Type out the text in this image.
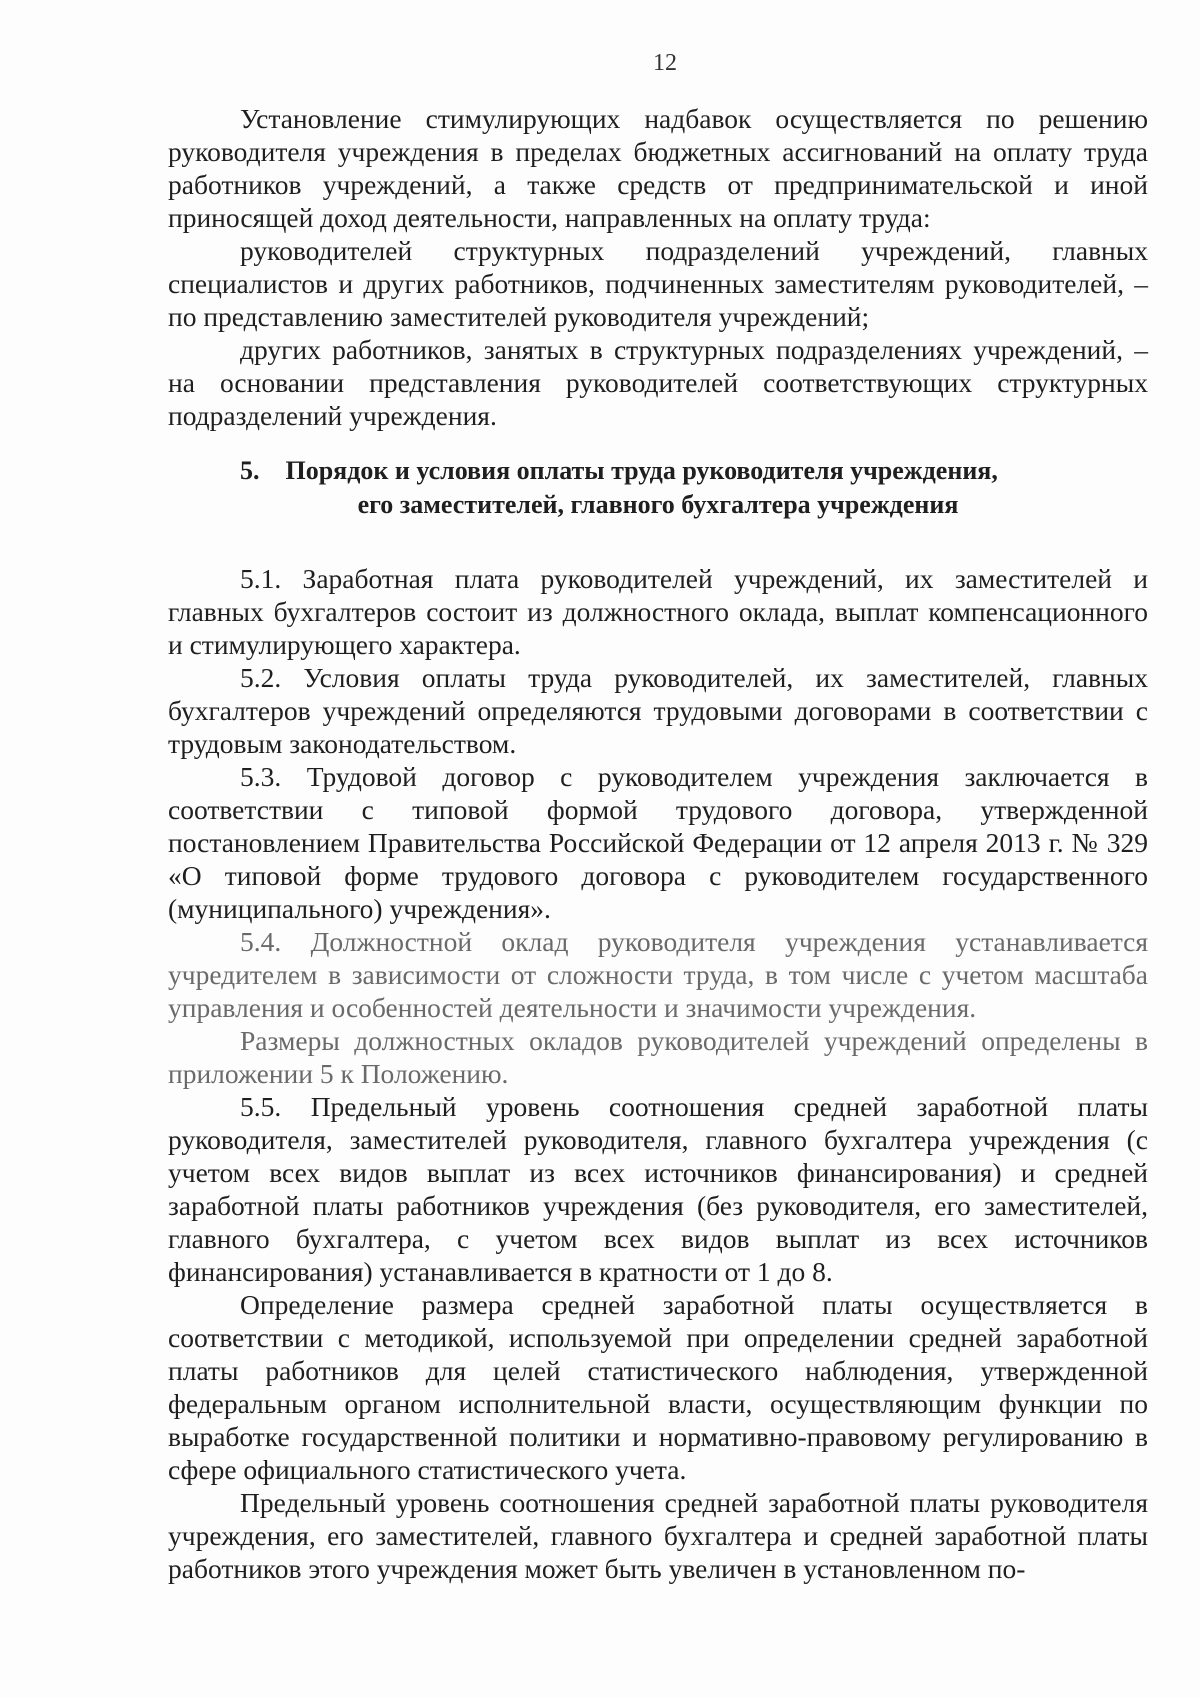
12

Установление стимулирующих надбавок осуществляется по решению руководителя учреждения в пределах бюджетных ассигнований на оплату труда работников учреждений, а также средств от предпринимательской и иной приносящей доход деятельности, направленных на оплату труда:

руководителей структурных подразделений учреждений, главных специалистов и других работников, подчиненных заместителям руководителей, – по представлению заместителей руководителя учреждений;

других работников, занятых в структурных подразделениях учреждений, – на основании представления руководителей соответствующих структурных подразделений учреждения.

5. Порядок и условия оплаты труда руководителя учреждения,
его заместителей, главного бухгалтера учреждения

5.1. Заработная плата руководителей учреждений, их заместителей и главных бухгалтеров состоит из должностного оклада, выплат компенсационного и стимулирующего характера.

5.2. Условия оплаты труда руководителей, их заместителей, главных бухгалтеров учреждений определяются трудовыми договорами в соответствии с трудовым законодательством.

5.3. Трудовой договор с руководителем учреждения заключается в соответствии с типовой формой трудового договора, утвержденной постановлением Правительства Российской Федерации от 12 апреля 2013 г. № 329 «О типовой форме трудового договора с руководителем государственного (муниципального) учреждения».

5.4. Должностной оклад руководителя учреждения устанавливается учредителем в зависимости от сложности труда, в том числе с учетом масштаба управления и особенностей деятельности и значимости учреждения.

Размеры должностных окладов руководителей учреждений определены в приложении 5 к Положению.

5.5. Предельный уровень соотношения средней заработной платы руководителя, заместителей руководителя, главного бухгалтера учреждения (с учетом всех видов выплат из всех источников финансирования) и средней заработной платы работников учреждения (без руководителя, его заместителей, главного бухгалтера, с учетом всех видов выплат из всех источников финансирования) устанавливается в кратности от 1 до 8.

Определение размера средней заработной платы осуществляется в соответствии с методикой, используемой при определении средней заработной платы работников для целей статистического наблюдения, утвержденной федеральным органом исполнительной власти, осуществляющим функции по выработке государственной политики и нормативно-правовому регулированию в сфере официального статистического учета.

Предельный уровень соотношения средней заработной платы руководителя учреждения, его заместителей, главного бухгалтера и средней заработной платы работников этого учреждения может быть увеличен в установленном по-
